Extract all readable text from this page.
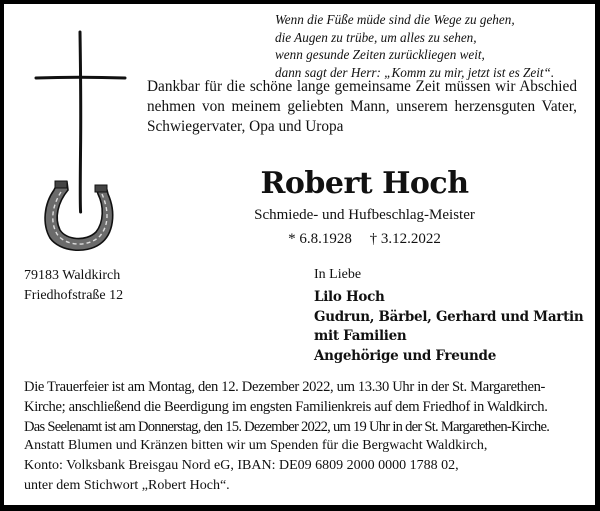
Wenn die Füße müde sind die Wege zu gehen,
die Augen zu trübe, um alles zu sehen,
wenn gesunde Zeiten zurückliegen weit,
dann sagt der Herr: „Komm zu mir, jetzt ist es Zeit“.
Dankbar für die schöne lange gemeinsame Zeit müssen wir Abschied nehmen von meinem geliebten Mann, unserem herzensguten Vater,
Schwiegervater, Opa und Uropa
Robert Hoch
Schmiede- und Hufbeschlag-Meister
* 6.8.1928 † 3.12.2022
79183 Waldkirch
Friedhofstraße 12
In Liebe
Lilo Hoch
Gudrun, Bärbel, Gerhard und Martin
mit Familien
Angehörige und Freunde
Die Trauerfeier ist am Montag, den 12. Dezember 2022, um 13.30 Uhr in der St. Margarethen-
Kirche; anschließend die Beerdigung im engsten Familienkreis auf dem Friedhof in Waldkirch.
Das Seelenamt ist am Donnerstag, den 15. Dezember 2022, um 19 Uhr in der St. Margarethen-Kirche.
Anstatt Blumen und Kränzen bitten wir um Spenden für die Bergwacht Waldkirch,
Konto: Volksbank Breisgau Nord eG, IBAN: DE09 6809 2000 0000 1788 02,
unter dem Stichwort „Robert Hoch“.
